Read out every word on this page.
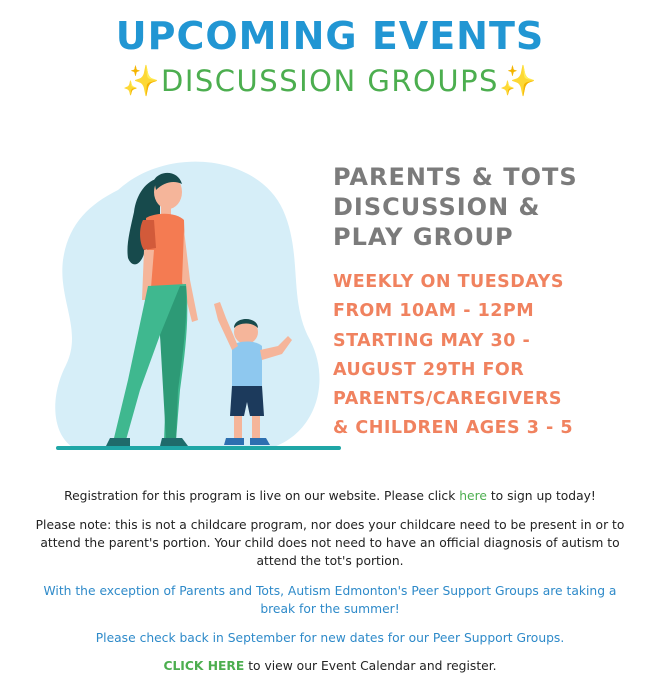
UPCOMING EVENTS
✨DISCUSSION GROUPS✨
PARENTS & TOTS
DISCUSSION &
PLAY GROUP
WEEKLY ON TUESDAYS
FROM 10AM - 12PM
STARTING MAY 30 -
AUGUST 29TH FOR
PARENTS/CAREGIVERS
& CHILDREN AGES 3 - 5
Registration for this program is live on our website. Please click here to sign up today!
Please note: this is not a childcare program, nor does your childcare need to be present in or to attend the parent's portion. Your child does not need to have an official diagnosis of autism to attend the tot's portion.
With the exception of Parents and Tots, Autism Edmonton's Peer Support Groups are taking a break for the summer!
Please check back in September for new dates for our Peer Support Groups.
CLICK HERE to view our Event Calendar and register.
